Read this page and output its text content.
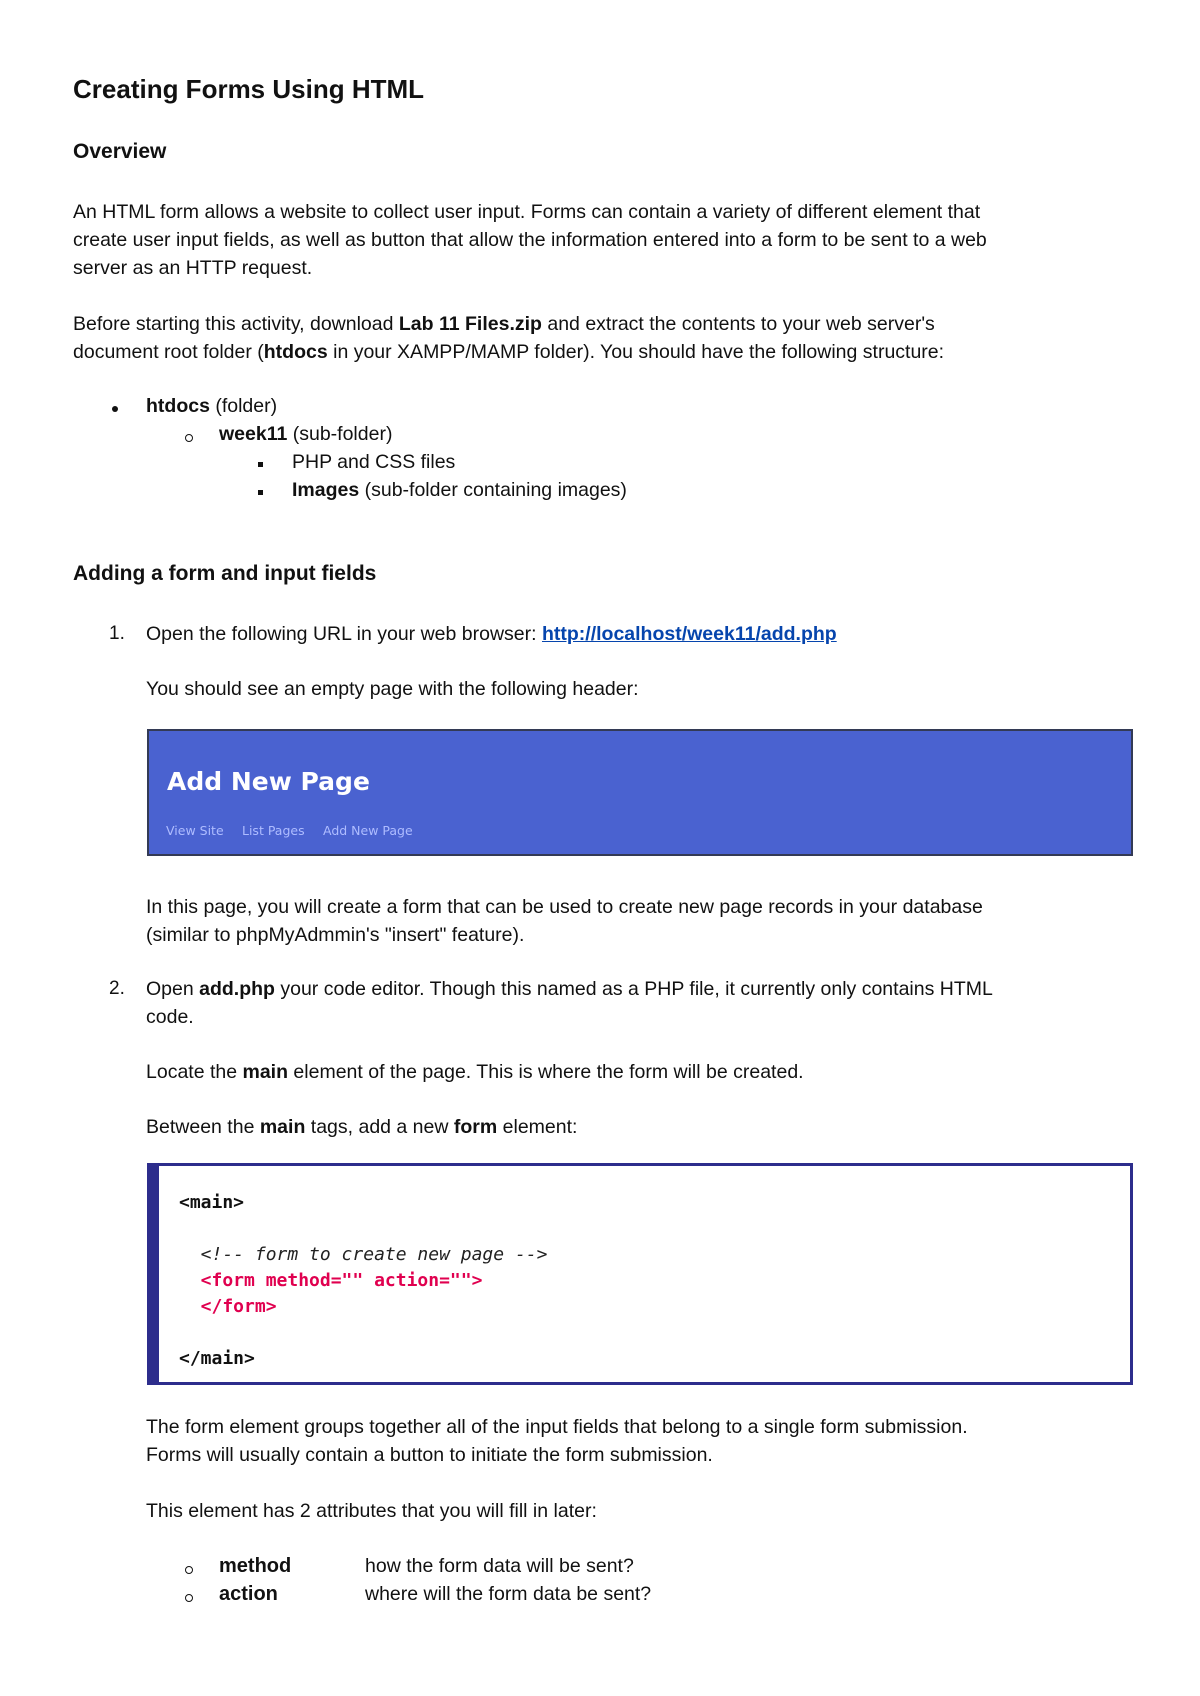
Creating Forms Using HTML
Overview

An HTML form allows a website to collect user input. Forms can contain a variety of different element that
create user input fields, as well as button that allow the information entered into a form to be sent to a web
server as an HTTP request.

Before starting this activity, download Lab 11 Files.zip and extract the contents to your web server's
document root folder (htdocs in your XAMPP/MAMP folder). You should have the following structure:

htdocs (folder)

week11 (sub-folder)

PHP and CSS files

Images (sub-folder containing images)

Adding a form and input fields
1. Open the following URL in your web browser: http://localhost/week11/add.php

You should see an empty page with the following header:

Add New Page
View Site List Pages Add New Page

In this page, you will create a form that can be used to create new page records in your database
(similar to phpMyAdmmin's "insert" feature).

2. Open add.php your code editor. Though this named as a PHP file, it currently only contains HTML
code.

Locate the main element of the page. This is where the form will be created.

Between the main tags, add a new form element:

<main>
<!-- form to create new page -->
<form method="" action="">
</form>
</main>

The form element groups together all of the input fields that belong to a single form submission.
Forms will usually contain a button to initiate the form submission.

This element has 2 attributes that you will fill in later:

method	how the form data will be sent?
action	where will the form data be sent?
